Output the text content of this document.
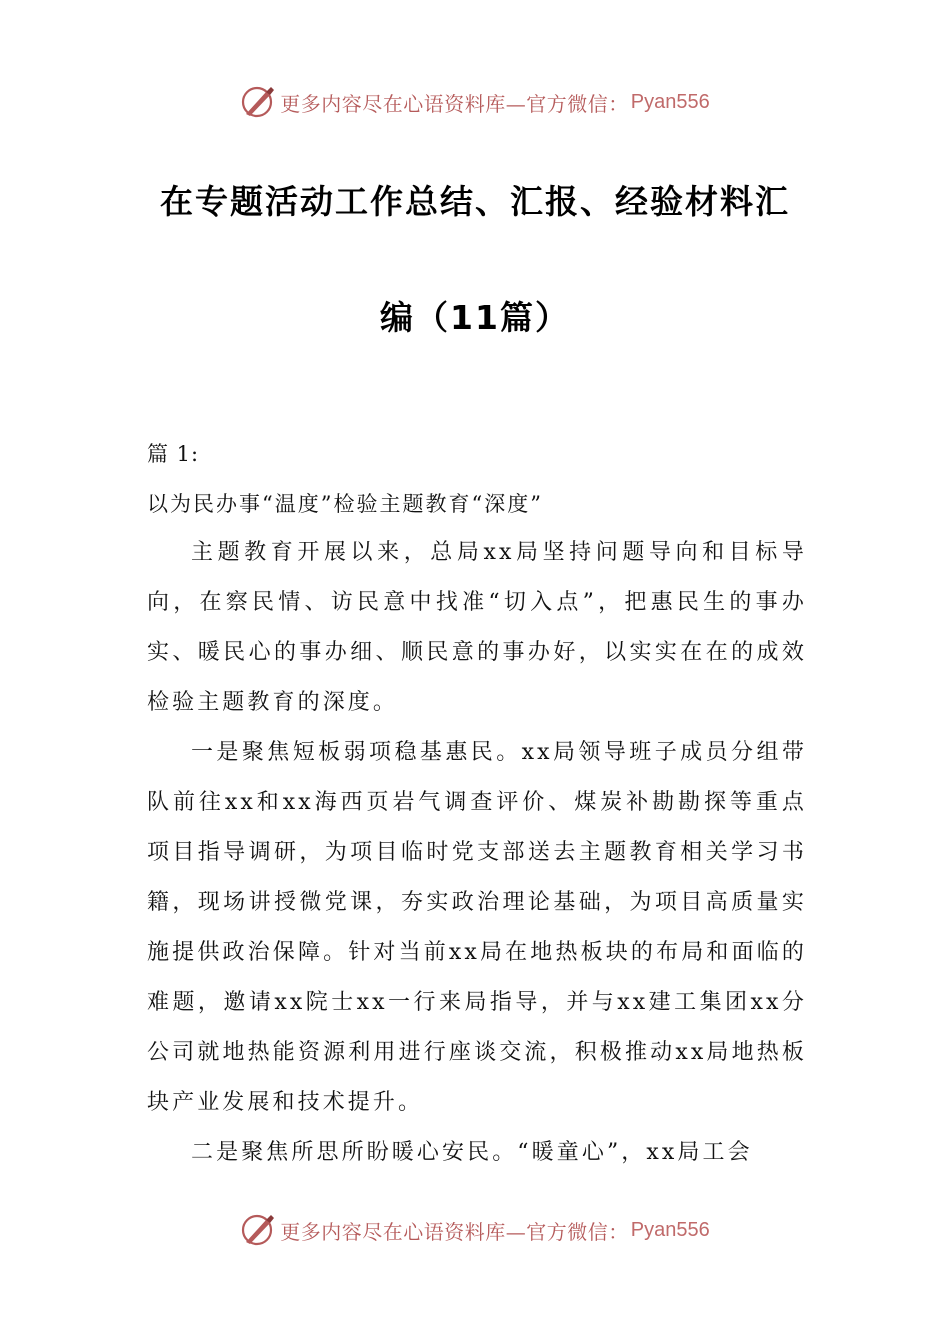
更多内容尽在心语资料库—官方微信： Pyan556
在专题活动工作总结、汇报、经验材料汇
编（11篇）
篇 1:
以为民办事“温度”检验主题教育“深度”

主题教育开展以来，总局xx局坚持问题导向和目标导向，在察民情、访民意中找准“切入点”，把惠民生的事办实、暖民心的事办细、顺民意的事办好，以实实在在的成效检验主题教育的深度。

一是聚焦短板弱项稳基惠民。xx局领导班子成员分组带队前往xx和xx海西页岩气调查评价、煤炭补勘勘探等重点项目指导调研，为项目临时党支部送去主题教育相关学习书籍，现场讲授微党课，夯实政治理论基础，为项目高质量实施提供政治保障。针对当前xx局在地热板块的布局和面临的难题，邀请xx院士xx一行来局指导，并与xx建工集团xx分公司就地热能资源利用进行座谈交流，积极推动xx局地热板块产业发展和技术提升。

二是聚焦所思所盼暖心安民。“暖童心”，xx局工会

更多内容尽在心语资料库—官方微信： Pyan556
